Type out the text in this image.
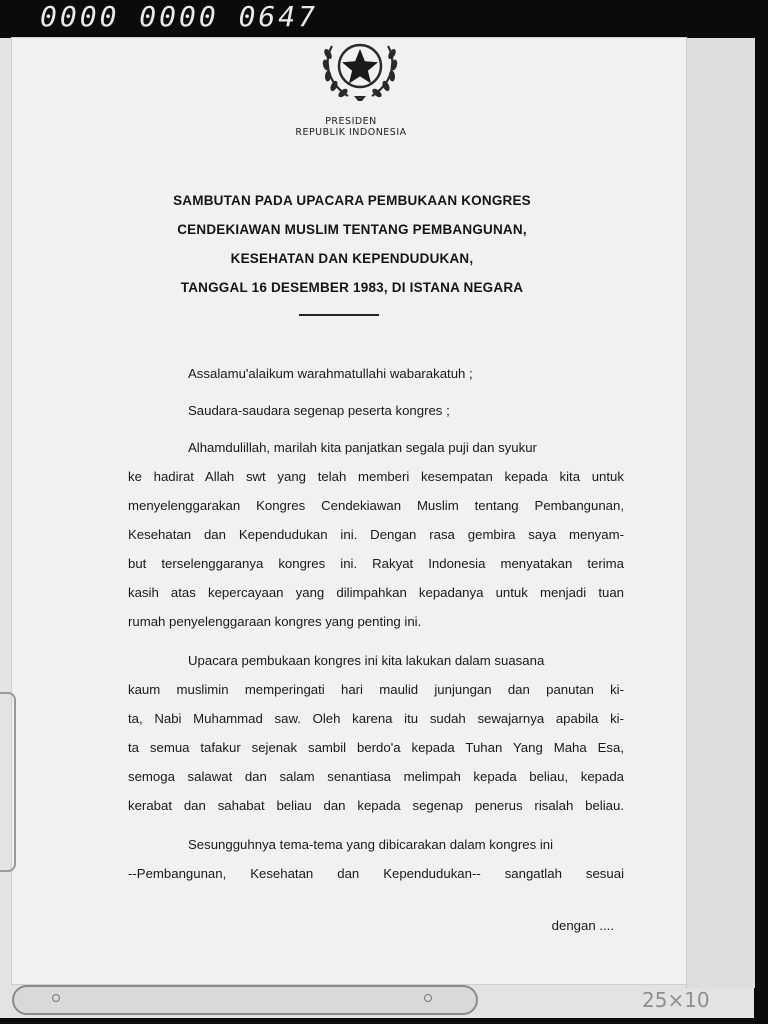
0000 0000 0647
PRESIDEN
REPUBLIK INDONESIA
SAMBUTAN PADA UPACARA PEMBUKAAN KONGRES
CENDEKIAWAN MUSLIM TENTANG PEMBANGUNAN,
KESEHATAN DAN KEPENDUDUKAN,
TANGGAL 16 DESEMBER 1983, DI ISTANA NEGARA
Assalamu'alaikum warahmatullahi wabarakatuh ;
Saudara-saudara segenap peserta kongres ;
Alhamdulillah, marilah kita panjatkan segala puji dan syukur
ke hadirat Allah swt yang telah memberi kesempatan kepada kita untuk
menyelenggarakan Kongres Cendekiawan Muslim tentang Pembangunan,
Kesehatan dan Kependudukan ini. Dengan rasa gembira saya menyam-
but terselenggaranya kongres ini. Rakyat Indonesia menyatakan terima
kasih atas kepercayaan yang dilimpahkan kepadanya untuk menjadi tuan
rumah penyelenggaraan kongres yang penting ini.
Upacara pembukaan kongres ini kita lakukan dalam suasana
kaum muslimin memperingati hari maulid junjungan dan panutan ki-
ta, Nabi Muhammad saw. Oleh karena itu sudah sewajarnya apabila ki-
ta semua tafakur sejenak sambil berdo'a kepada Tuhan Yang Maha Esa,
semoga salawat dan salam senantiasa melimpah kepada beliau, kepada
kerabat dan sahabat beliau dan kepada segenap penerus risalah beliau.
Sesungguhnya tema-tema yang dibicarakan dalam kongres ini
--Pembangunan, Kesehatan dan Kependudukan-- sangatlah sesuai
dengan ....
25×10
